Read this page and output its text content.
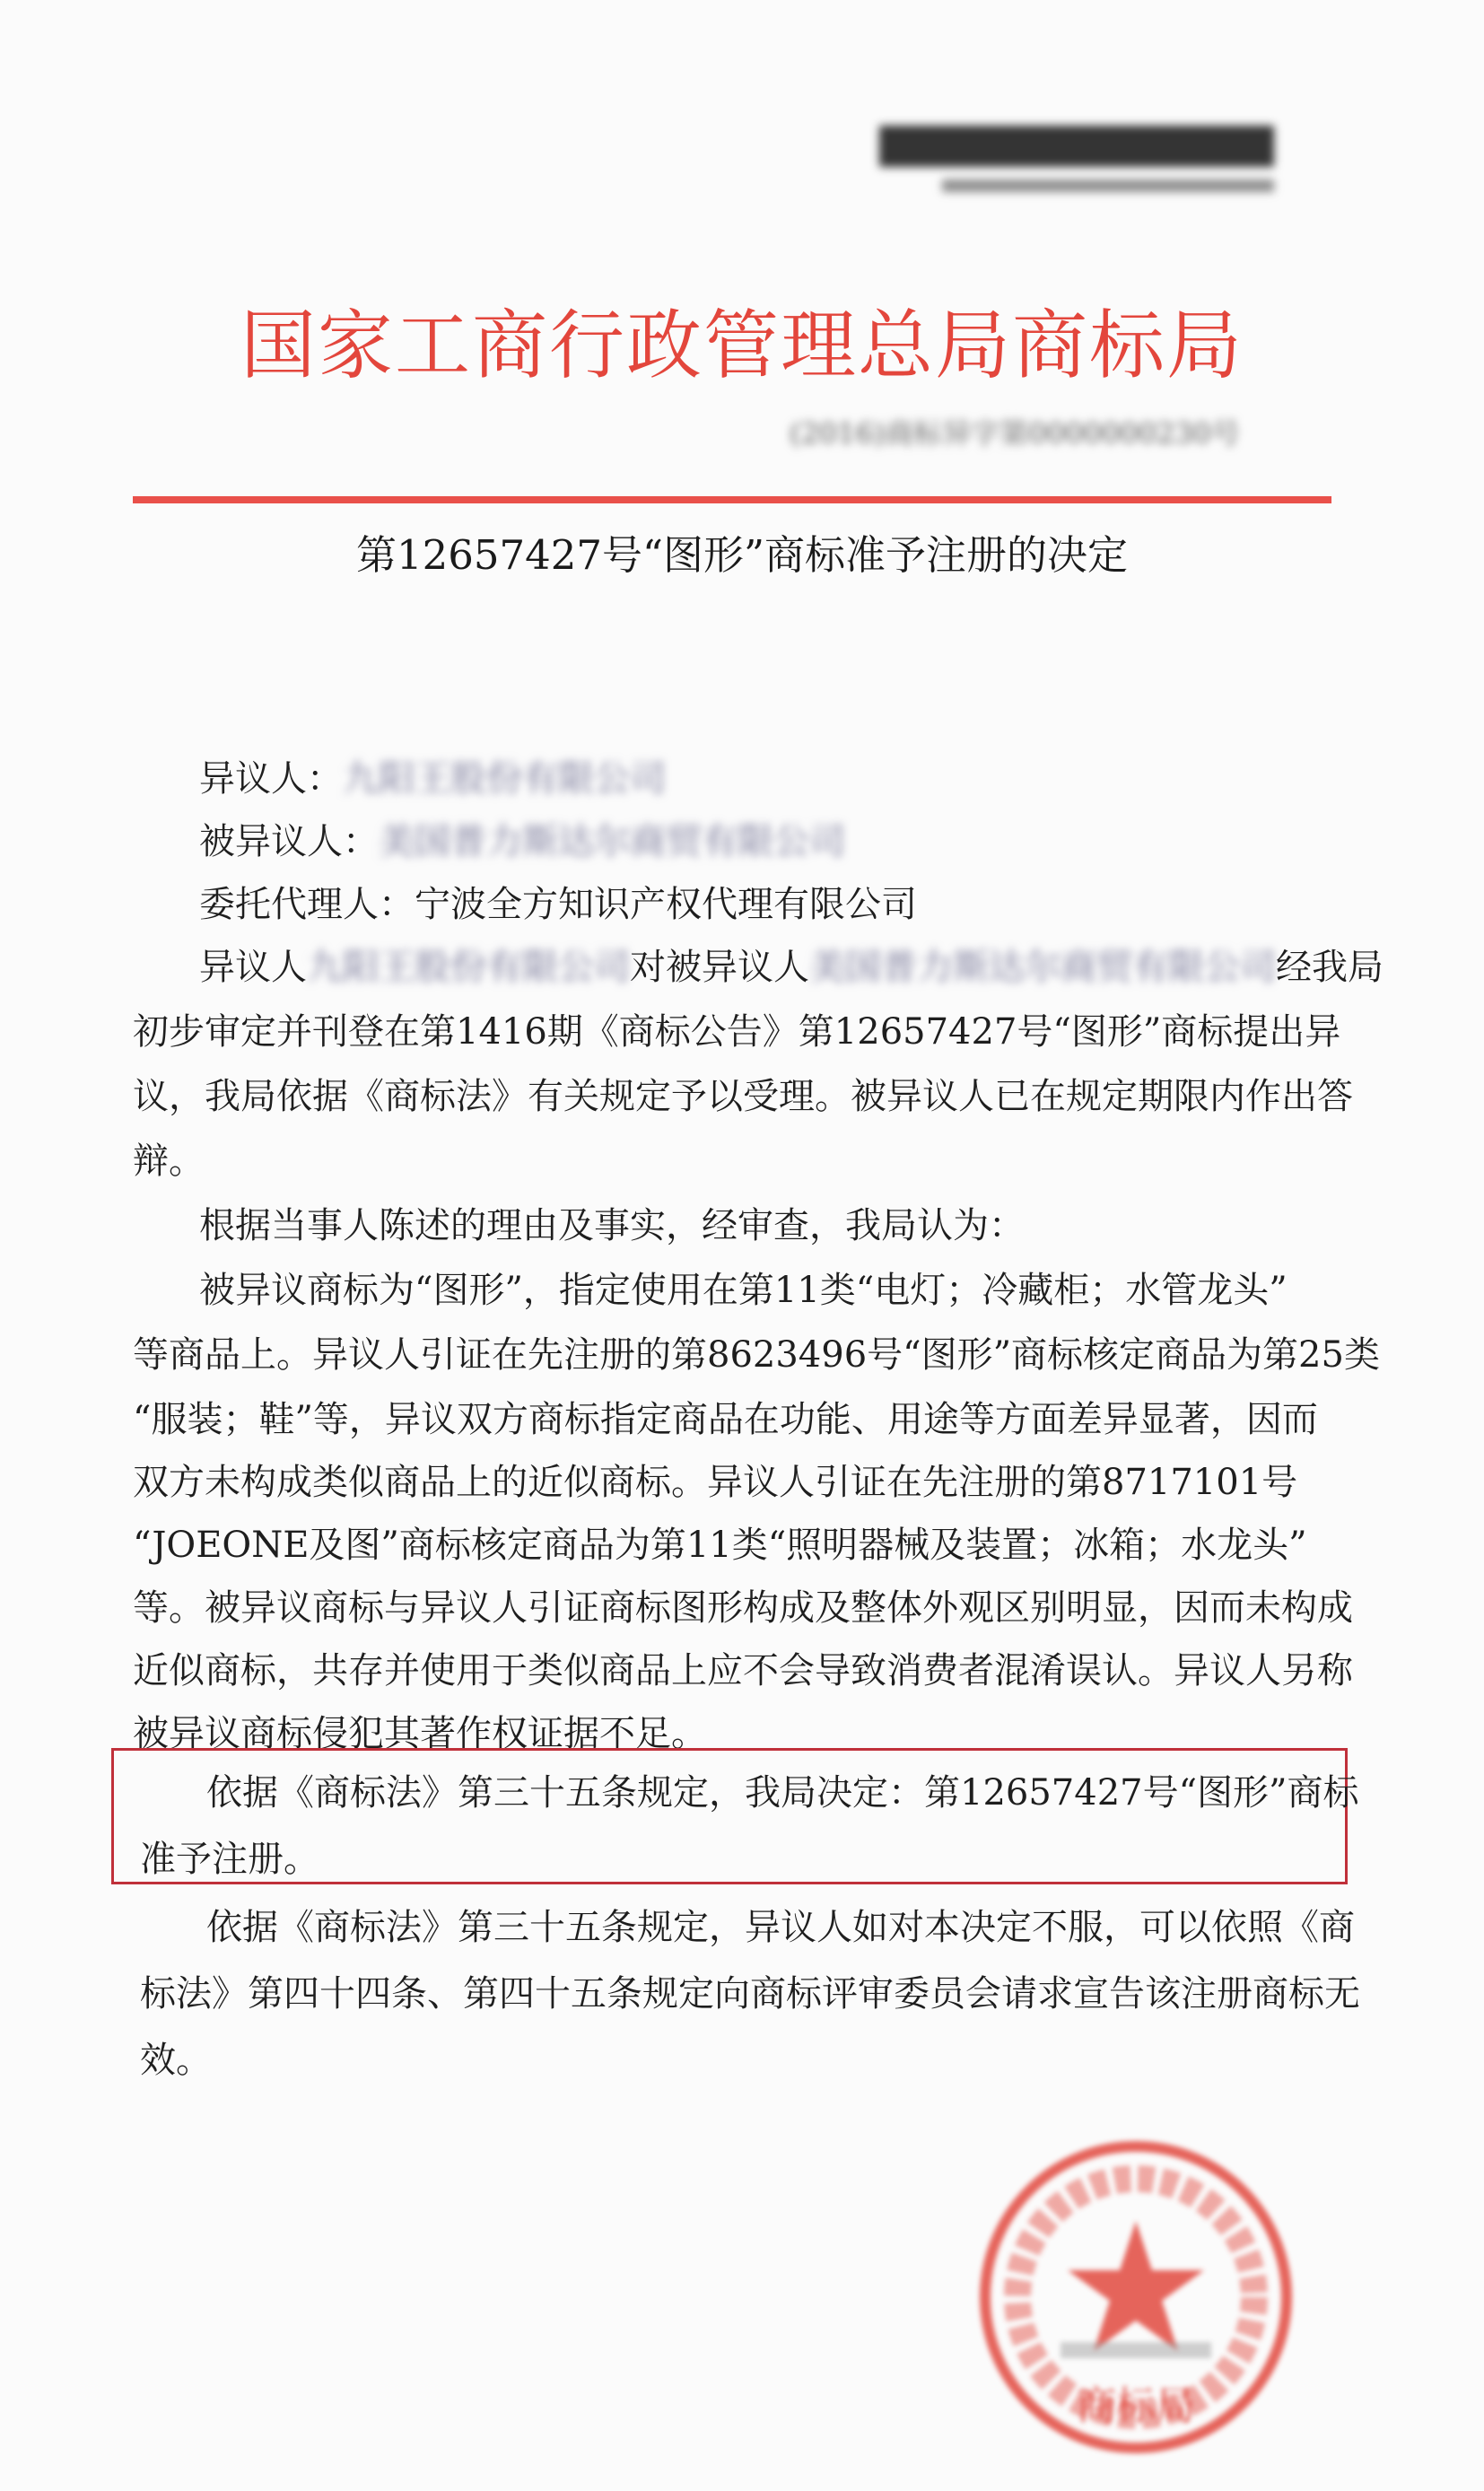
国家工商行政管理总局商标局
(2016)商标异字第0000000230号
第12657427号“图形”商标准予注册的决定
异议人：九阳王股份有限公司
被异议人：美国普力斯达尔商贸有限公司
委托代理人：宁波全方知识产权代理有限公司
异议人九阳王股份有限公司对被异议人美国普力斯达尔商贸有限公司经我局
初步审定并刊登在第1416期《商标公告》第12657427号“图形”商标提出异
议，我局依据《商标法》有关规定予以受理。被异议人已在规定期限内作出答
辩。
根据当事人陈述的理由及事实，经审查，我局认为：
被异议商标为“图形”，指定使用在第11类“电灯；冷藏柜；水管龙头”
等商品上。异议人引证在先注册的第8623496号“图形”商标核定商品为第25类
“服装；鞋”等，异议双方商标指定商品在功能、用途等方面差异显著，因而
双方未构成类似商品上的近似商标。异议人引证在先注册的第8717101号
“JOEONE及图”商标核定商品为第11类“照明器械及装置；冰箱；水龙头”
等。被异议商标与异议人引证商标图形构成及整体外观区别明显，因而未构成
近似商标，共存并使用于类似商品上应不会导致消费者混淆误认。异议人另称
被异议商标侵犯其著作权证据不足。
依据《商标法》第三十五条规定，我局决定：第12657427号“图形”商标
准予注册。
依据《商标法》第三十五条规定，异议人如对本决定不服，可以依照《商
标法》第四十四条、第四十五条规定向商标评审委员会请求宣告该注册商标无
效。
商标局
